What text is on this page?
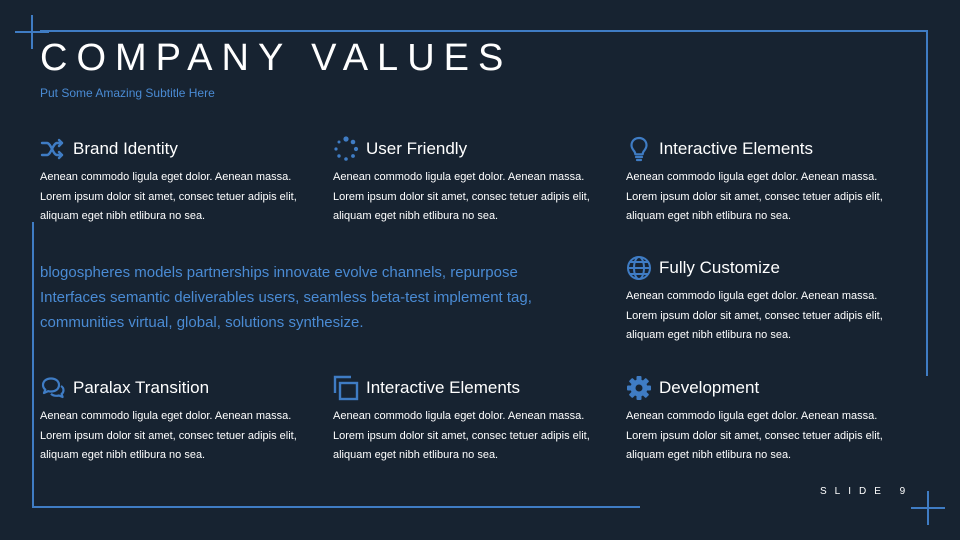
COMPANY VALUES
Put Some Amazing Subtitle Here
Brand Identity
Aenean commodo ligula eget dolor. Aenean massa. Lorem ipsum dolor sit amet, consec tetuer adipis elit, aliquam eget nibh etlibura no sea.
User Friendly
Aenean commodo ligula eget dolor. Aenean massa. Lorem ipsum dolor sit amet, consec tetuer adipis elit, aliquam eget nibh etlibura no sea.
Interactive Elements
Aenean commodo ligula eget dolor. Aenean massa. Lorem ipsum dolor sit amet, consec tetuer adipis elit, aliquam eget nibh etlibura no sea.
blogospheres models partnerships innovate evolve channels, repurpose Interfaces semantic deliverables users, seamless beta-test implement tag, communities virtual, global, solutions synthesize.
Fully Customize
Aenean commodo ligula eget dolor. Aenean massa. Lorem ipsum dolor sit amet, consec tetuer adipis elit, aliquam eget nibh etlibura no sea.
Paralax Transition
Aenean commodo ligula eget dolor. Aenean massa. Lorem ipsum dolor sit amet, consec tetuer adipis elit, aliquam eget nibh etlibura no sea.
Interactive Elements
Aenean commodo ligula eget dolor. Aenean massa. Lorem ipsum dolor sit amet, consec tetuer adipis elit, aliquam eget nibh etlibura no sea.
Development
Aenean commodo ligula eget dolor. Aenean massa. Lorem ipsum dolor sit amet, consec tetuer adipis elit, aliquam eget nibh etlibura no sea.
SLIDE 9
